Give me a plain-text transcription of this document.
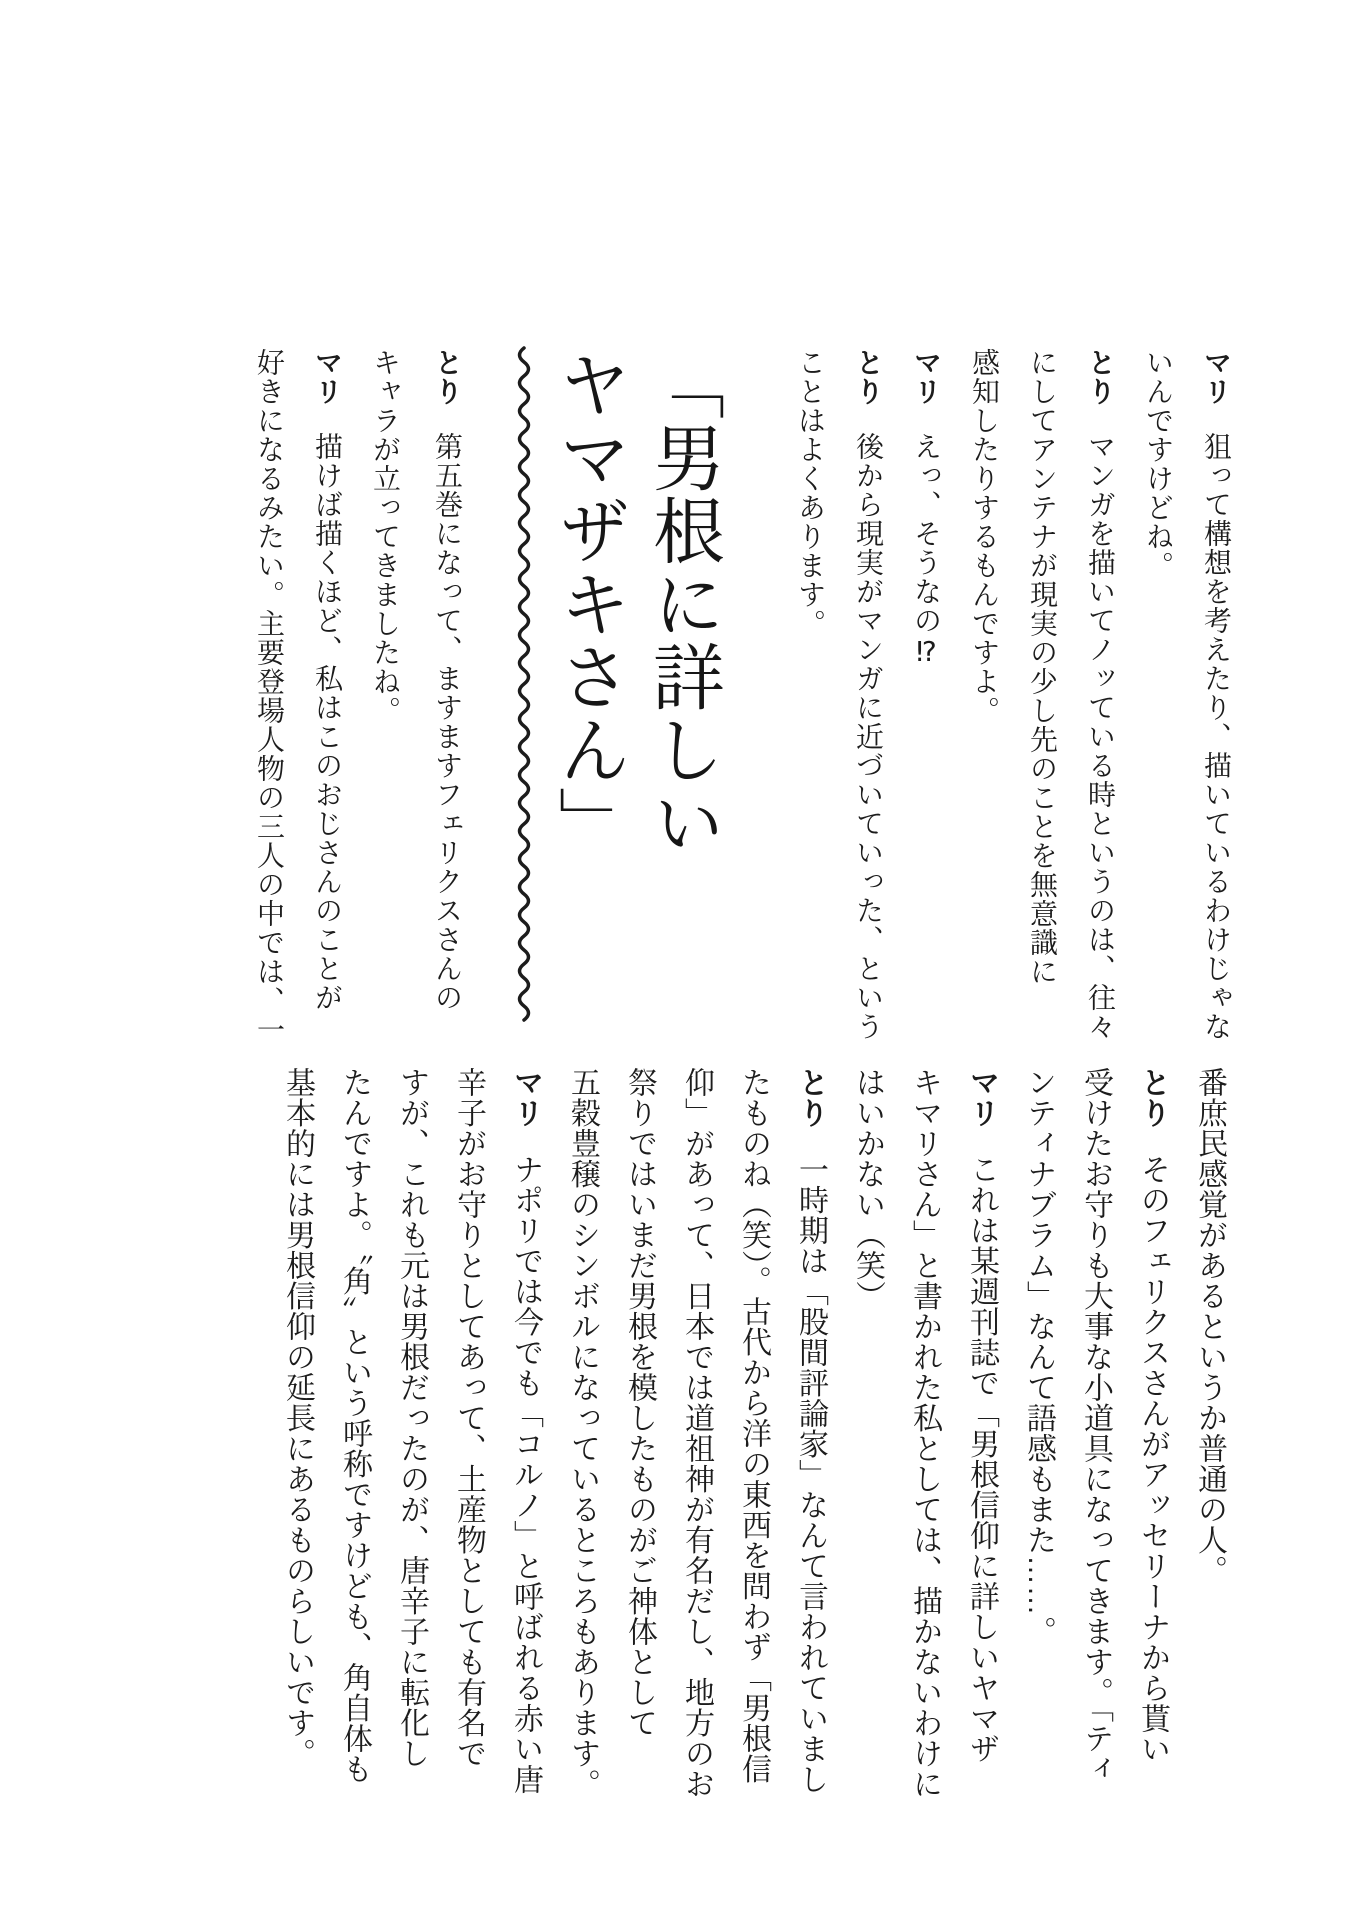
マリ狙って構想を考えたり、描いているわけじゃな
いんですけどね。
とりマンガを描いてノッている時というのは、往々
にしてアンテナが現実の少し先のことを無意識に
感知したりするもんですよ。
マリえっ、そうなの⁉
とり後から現実がマンガに近づいていった、という
ことはよくあります。
「男根に詳しい
ヤマザキさん」
とり第五巻になって、ますますフェリクスさんの
キャラが立ってきましたね。
マリ描けば描くほど、私はこのおじさんのことが
好きになるみたい。主要登場人物の三人の中では、一
番庶民感覚があるというか普通の人。
とりそのフェリクスさんがアッセリーナから貰い
受けたお守りも大事な小道具になってきます。「ティ
ンティナブラム」なんて語感もまた……。
マリこれは某週刊誌で「男根信仰に詳しいヤマザ
キマリさん」と書かれた私としては、描かないわけに
はいかない（笑）
とり一時期は「股間評論家」なんて言われていまし
たものね（笑）。古代から洋の東西を問わず「男根信
仰」があって、日本では道祖神が有名だし、地方のお
祭りではいまだ男根を模したものがご神体として
五穀豊穣のシンボルになっているところもあります。
マリナポリでは今でも「コルノ」と呼ばれる赤い唐
辛子がお守りとしてあって、土産物としても有名で
すが、これも元は男根だったのが、唐辛子に転化し
たんですよ。〝角〟という呼称ですけども、角自体も
基本的には男根信仰の延長にあるものらしいです。
